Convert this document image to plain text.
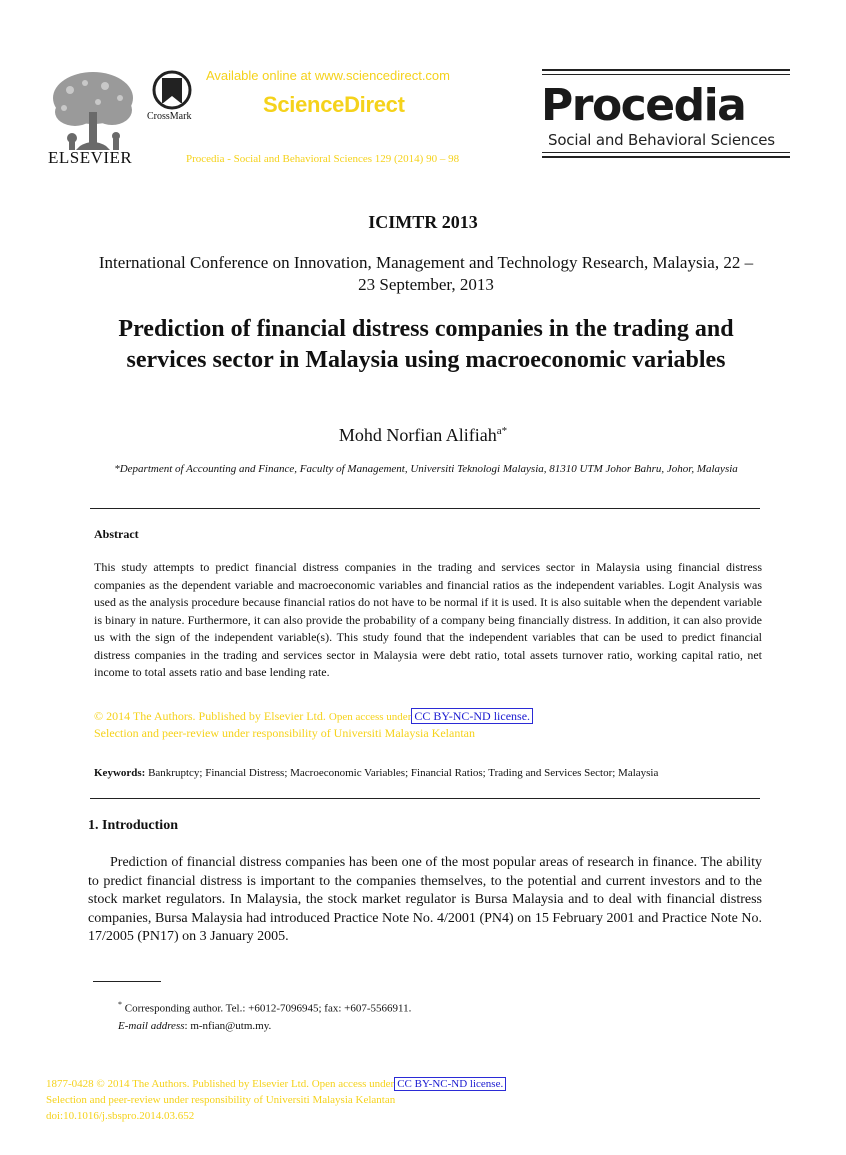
ELSEVIER
CrossMark
Available online at www.sciencedirect.com
ScienceDirect
Procedia - Social and Behavioral Sciences 129 (2014) 90 – 98
Procedia
Social and Behavioral Sciences
ICIMTR 2013
International Conference on Innovation, Management and Technology Research, Malaysia, 22 – 23 September, 2013
Prediction of financial distress companies in the trading and services sector in Malaysia using macroeconomic variables
Mohd Norfian Alifiah$^{a*}$
*Department of Accounting and Finance, Faculty of Management, Universiti Teknologi Malaysia, 81310 UTM Johor Bahru, Johor, Malaysia
Abstract
This study attempts to predict financial distress companies in the trading and services sector in Malaysia using financial distress companies as the dependent variable and macroeconomic variables and financial ratios as the independent variables. Logit Analysis was used as the analysis procedure because financial ratios do not have to be normal if it is used. It is also suitable when the dependent variable is binary in nature. Furthermore, it can also provide the probability of a company being financially distress. In addition, it can also provide us with the sign of the independent variable(s). This study found that the independent variables that can be used to predict financial distress companies in the trading and services sector in Malaysia were debt ratio, total assets turnover ratio, working capital ratio, net income to total assets ratio and base lending rate.
© 2014 The Authors. Published by Elsevier Ltd. Open access under CC BY-NC-ND license.
Selection and peer-review under responsibility of Universiti Malaysia Kelantan
Keywords: Bankruptcy; Financial Distress; Macroeconomic Variables; Financial Ratios; Trading and Services Sector; Malaysia
1. Introduction
Prediction of financial distress companies has been one of the most popular areas of research in finance. The ability to predict financial distress is important to the companies themselves, to the potential and current investors and to the stock market regulators. In Malaysia, the stock market regulator is Bursa Malaysia and to deal with financial distress companies, Bursa Malaysia had introduced Practice Note No. 4/2001 (PN4) on 15 February 2001 and Practice Note No. 17/2005 (PN17) on 3 January 2005.
* Corresponding author. Tel.: +6012-7096945; fax: +607-5566911.
E-mail address: m-nfian@utm.my.
1877-0428 © 2014 The Authors. Published by Elsevier Ltd. Open access under CC BY-NC-ND license.
Selection and peer-review under responsibility of Universiti Malaysia Kelantan
doi:10.1016/j.sbspro.2014.03.652
